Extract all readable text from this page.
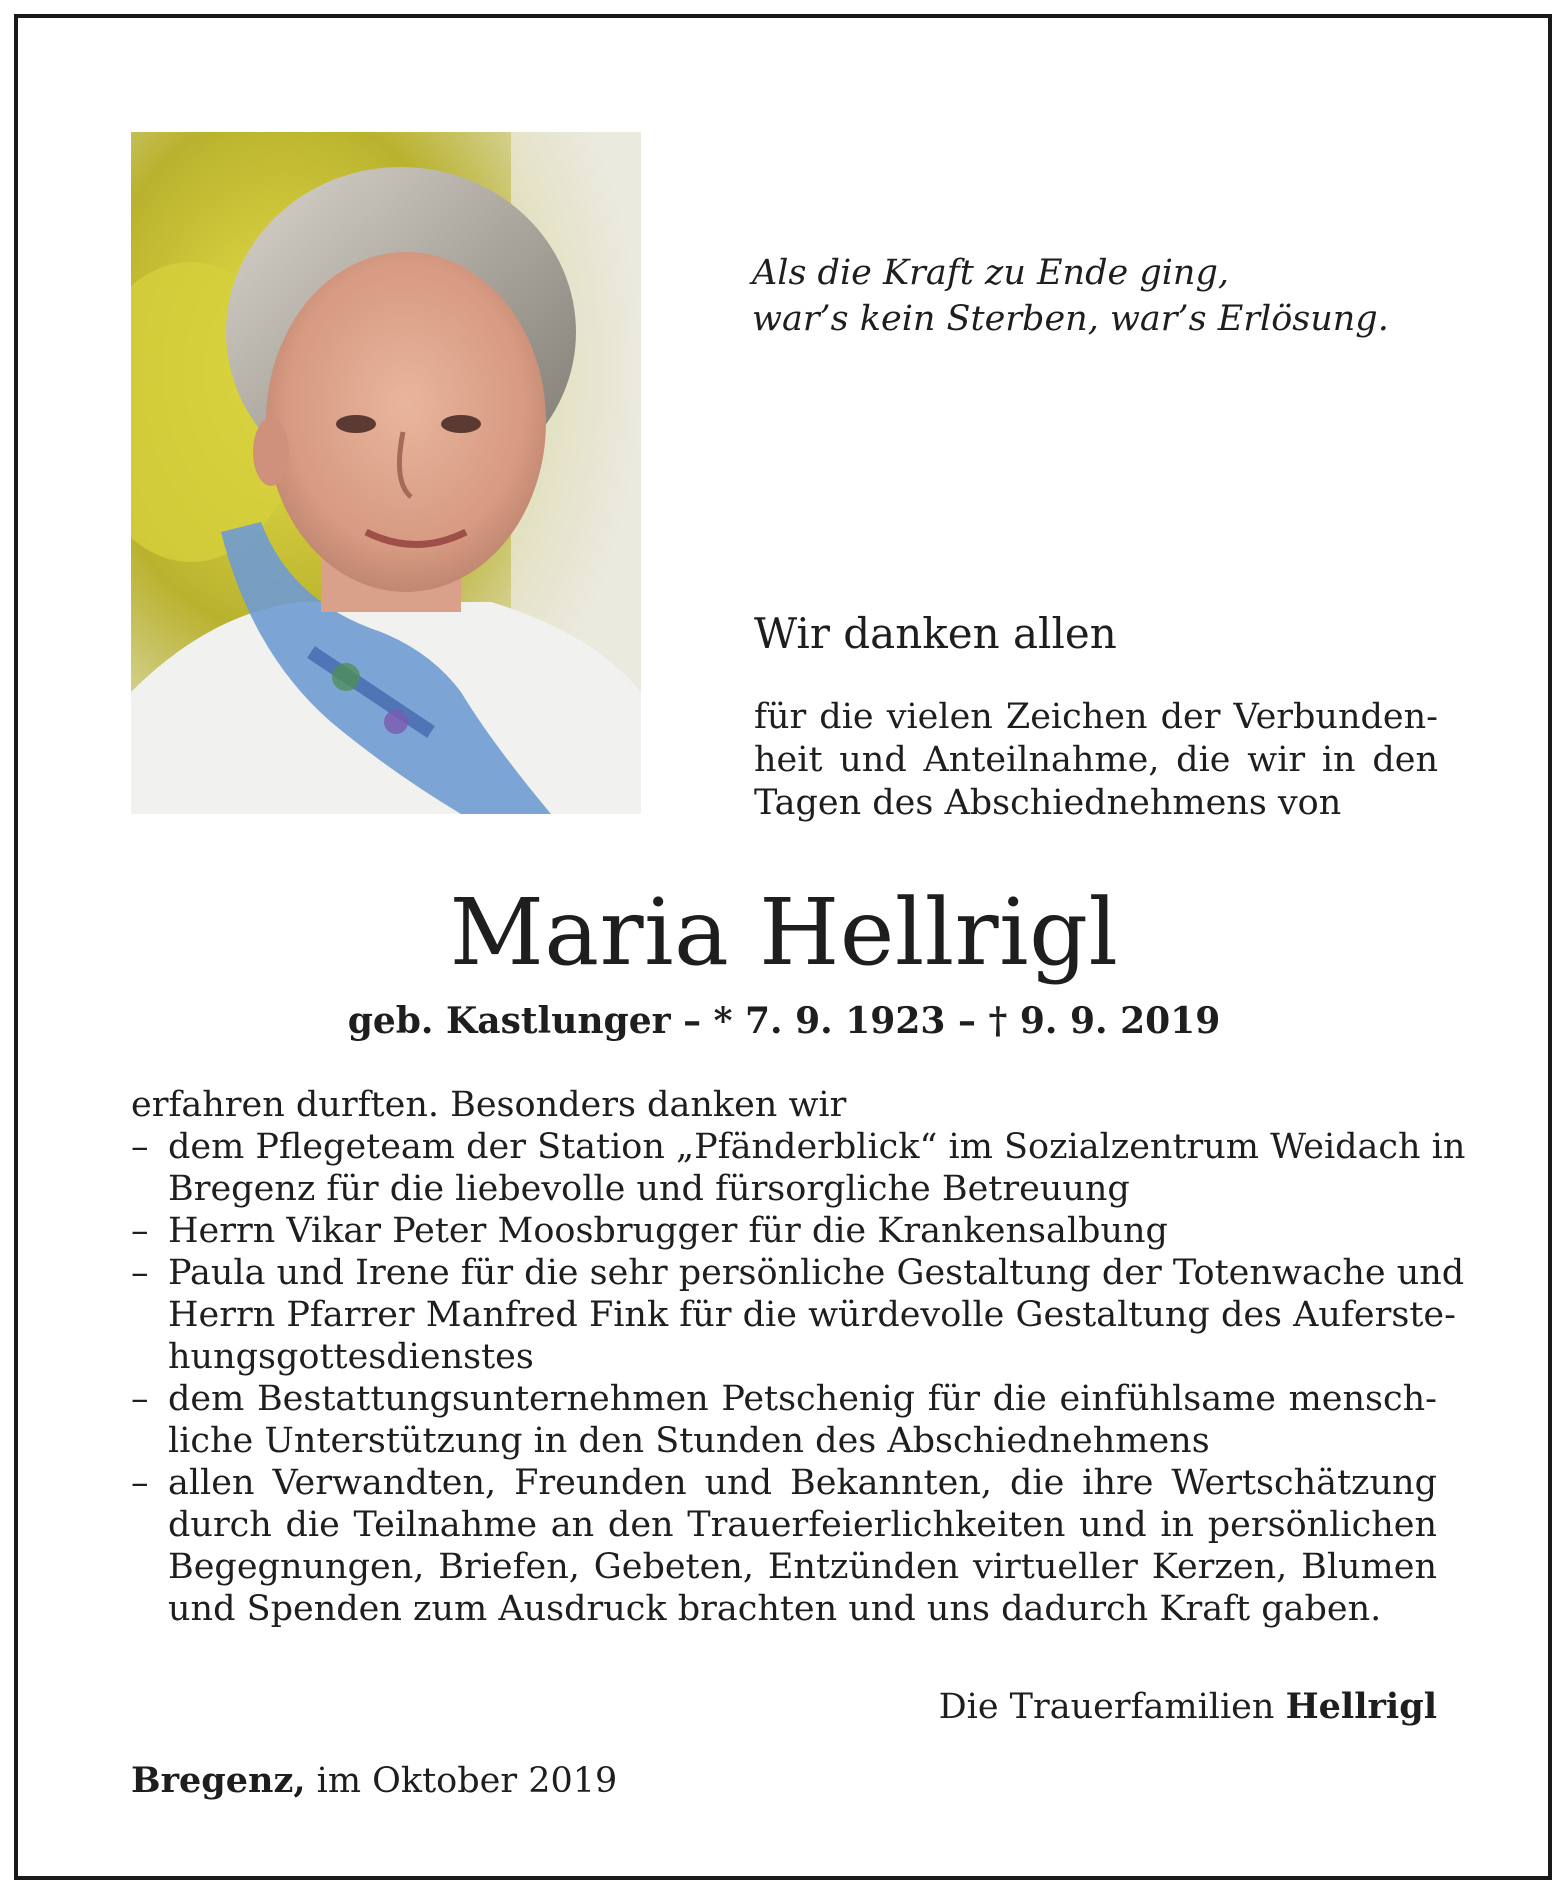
Als die Kraft zu Ende ging,
war’s kein Sterben, war’s Erlösung.
Wir danken allen
für die vielen Zeichen der Verbunden-
heit und Anteilnahme, die wir in den
Tagen des Abschiednehmens von
Maria Hellrigl
geb. Kastlunger – * 7. 9. 1923 – † 9. 9. 2019
erfahren durften. Besonders danken wir
– dem Pflegeteam der Station „Pfänderblick“ im Sozialzentrum Weidach in
Bregenz für die liebevolle und fürsorgliche Betreuung
– Herrn Vikar Peter Moosbrugger für die Krankensalbung
– Paula und Irene für die sehr persönliche Gestaltung der Totenwache und
Herrn Pfarrer Manfred Fink für die würdevolle Gestaltung des Auferste-
hungsgottesdienstes
– dem Bestattungsunternehmen Petschenig für die einfühlsame mensch-
liche Unterstützung in den Stunden des Abschiednehmens
– allen Verwandten, Freunden und Bekannten, die ihre Wertschätzung
durch die Teilnahme an den Trauerfeierlichkeiten und in persönlichen
Begegnungen, Briefen, Gebeten, Entzünden virtueller Kerzen, Blumen
und Spenden zum Ausdruck brachten und uns dadurch Kraft gaben.
Die Trauerfamilien Hellrigl
Bregenz, im Oktober 2019
